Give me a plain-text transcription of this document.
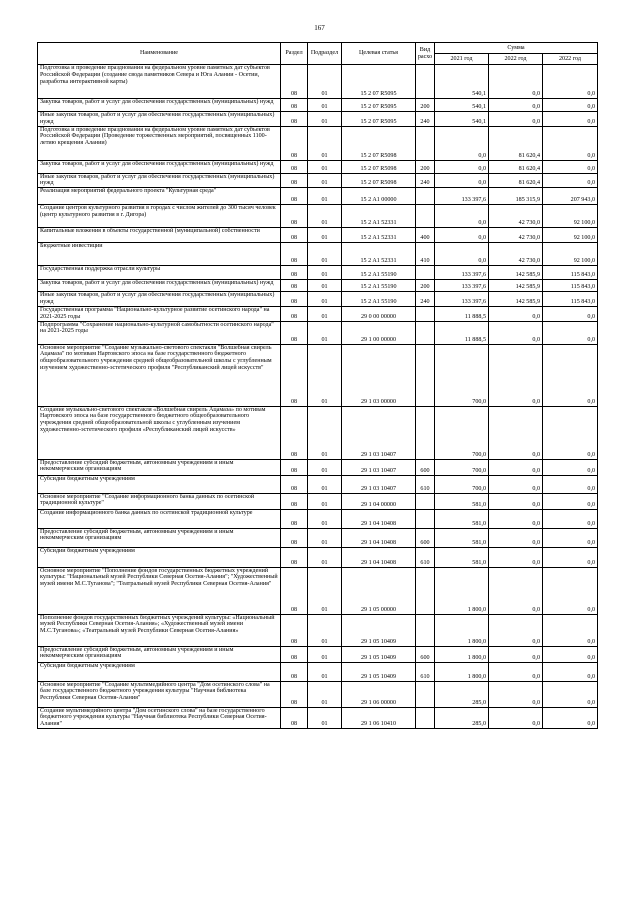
167
Наименование	Раздел	Подраздел	Целевая статья	Вид расхо	Сумма		
					2021 год	2022 год	2022 год
Подготовка и проведение празднования на федеральном уровне памятных дат субъектов Российской Федерации (создание свода памятников Севера и Юга Алании - Осетии, разработка интерактивной карты)	08	01	15 2 07 R5095		540,1	0,0	0,0
Закупка товаров, работ и услуг для обеспечения государственных (муниципальных) нужд	08	01	15 2 07 R5095	200	540,1	0,0	0,0
Иные закупки товаров, работ и услуг для обеспечения государственных (муниципальных) нужд	08	01	15 2 07 R5095	240	540,1	0,0	0,0
Подготовка и проведение празднования на федеральном уровне памятных дат субъектов Российской Федерации (Проведение торжественных мероприятий, посвященных 1100-летию крещения Алании)	08	01	15 2 07 R5098		0,0	81 620,4	0,0
Закупка товаров, работ и услуг для обеспечения государственных (муниципальных) нужд	08	01	15 2 07 R5098	200	0,0	81 620,4	0,0
Иные закупки товаров, работ и услуг для обеспечения государственных (муниципальных) нужд	08	01	15 2 07 R5098	240	0,0	81 620,4	0,0
Реализация мероприятий федерального проекта "Культурная среда"	08	01	15 2 A1 00000		133 397,6	185 315,9	207 943,0
Создание центров культурного развития в городах с числом жителей до 300 тысяч человек (центр культурного развития в г. Дигора)	08	01	15 2 A1 52331		0,0	42 730,0	92 100,0
Капитальные вложения в объекты государственной (муниципальной) собственности	08	01	15 2 A1 52331	400	0,0	42 730,0	92 100,0
Бюджетные инвестиции	08	01	15 2 A1 52331	410	0,0	42 730,0	92 100,0
Государственная поддержка отрасли культуры	08	01	15 2 A1 55190		133 397,6	142 585,9	115 843,0
Закупка товаров, работ и услуг для обеспечения государственных (муниципальных) нужд	08	01	15 2 A1 55190	200	133 397,6	142 585,9	115 843,0
Иные закупки товаров, работ и услуг для обеспечения государственных (муниципальных) нужд	08	01	15 2 A1 55190	240	133 397,6	142 585,9	115 843,0
Государственная программа "Национально-культурное развитие осетинского народа" на 2021-2025 годы	08	01	29 0 00 00000		11 888,5	0,0	0,0
Подпрограмма "Сохранение национально-культурной самобытности осетинского народа" на 2021-2025 годы	08	01	29 1 00 00000		11 888,5	0,0	0,0
Основное мероприятие "Создание музыкально-светового спектакля "Волшебная свирель Ацамаза" по мотивам Нартовского эпоса на базе государственного бюджетного общеобразовательного учреждения средней общеобразовательной школы с углубленным изучением художественно-эстетического профиля "Республиканский лицей искусств"	08	01	29 1 03 00000		700,0	0,0	0,0
Создание музыкально-светового спектакля «Волшебная свирель Ацамаза» по мотивам Нартовского эпоса на базе государственного бюджетного общеобразовательного учреждения средней общеобразовательной школы с углубленным изучением художественно-эстетического профиля «Республиканский лицей искусств»	08	01	29 1 03 10407		700,0	0,0	0,0
Предоставление субсидий бюджетным, автономным учреждениям и иным некоммерческим организациям	08	01	29 1 03 10407	600	700,0	0,0	0,0
Субсидии бюджетным учреждениям	08	01	29 1 03 10407	610	700,0	0,0	0,0
Основное мероприятие "Создание информационного банка данных по осетинской традиционной культуре"	08	01	29 1 04 00000		581,0	0,0	0,0
Создание информационного банка данных по осетинской традиционной культуре	08	01	29 1 04 10408		581,0	0,0	0,0
Предоставление субсидий бюджетным, автономным учреждениям и иным некоммерческим организациям	08	01	29 1 04 10408	600	581,0	0,0	0,0
Субсидии бюджетным учреждениям	08	01	29 1 04 10408	610	581,0	0,0	0,0
Основное мероприятие "Пополнение фондов государственных бюджетных учреждений культуры: "Национальный музей Республики Северная Осетия-Алания"; "Художественный музей имени М.С.Туганова"; "Театральный музей Республики Северная Осетия-Алания"	08	01	29 1 05 00000		1 800,0	0,0	0,0
Пополнение фондов государственных бюджетных учреждений культуры: «Национальный музей Республики Северная Осетия-Алания»; «Художественный музей имени М.С.Туганова»; «Театральный музей Республики Северная Осетия-Алания»	08	01	29 1 05 10409		1 800,0	0,0	0,0
Предоставление субсидий бюджетным, автономным учреждениям и иным некоммерческим организациям	08	01	29 1 05 10409	600	1 800,0	0,0	0,0
Субсидии бюджетным учреждениям	08	01	29 1 05 10409	610	1 800,0	0,0	0,0
Основное мероприятие "Создание мультимедийного центра "Дом осетинского слова" на базе государственного бюджетного учреждения культуры "Научная библиотека Республики Северная Осетия-Алания"	08	01	29 1 06 00000		285,0	0,0	0,0
Создание мультимедийного центра "Дом осетинского слова" на базе государственного бюджетного учреждения культуры "Научная библиотека Республики Северная Осетия-Алания"	08	01	29 1 06 10410		285,0	0,0	0,0
